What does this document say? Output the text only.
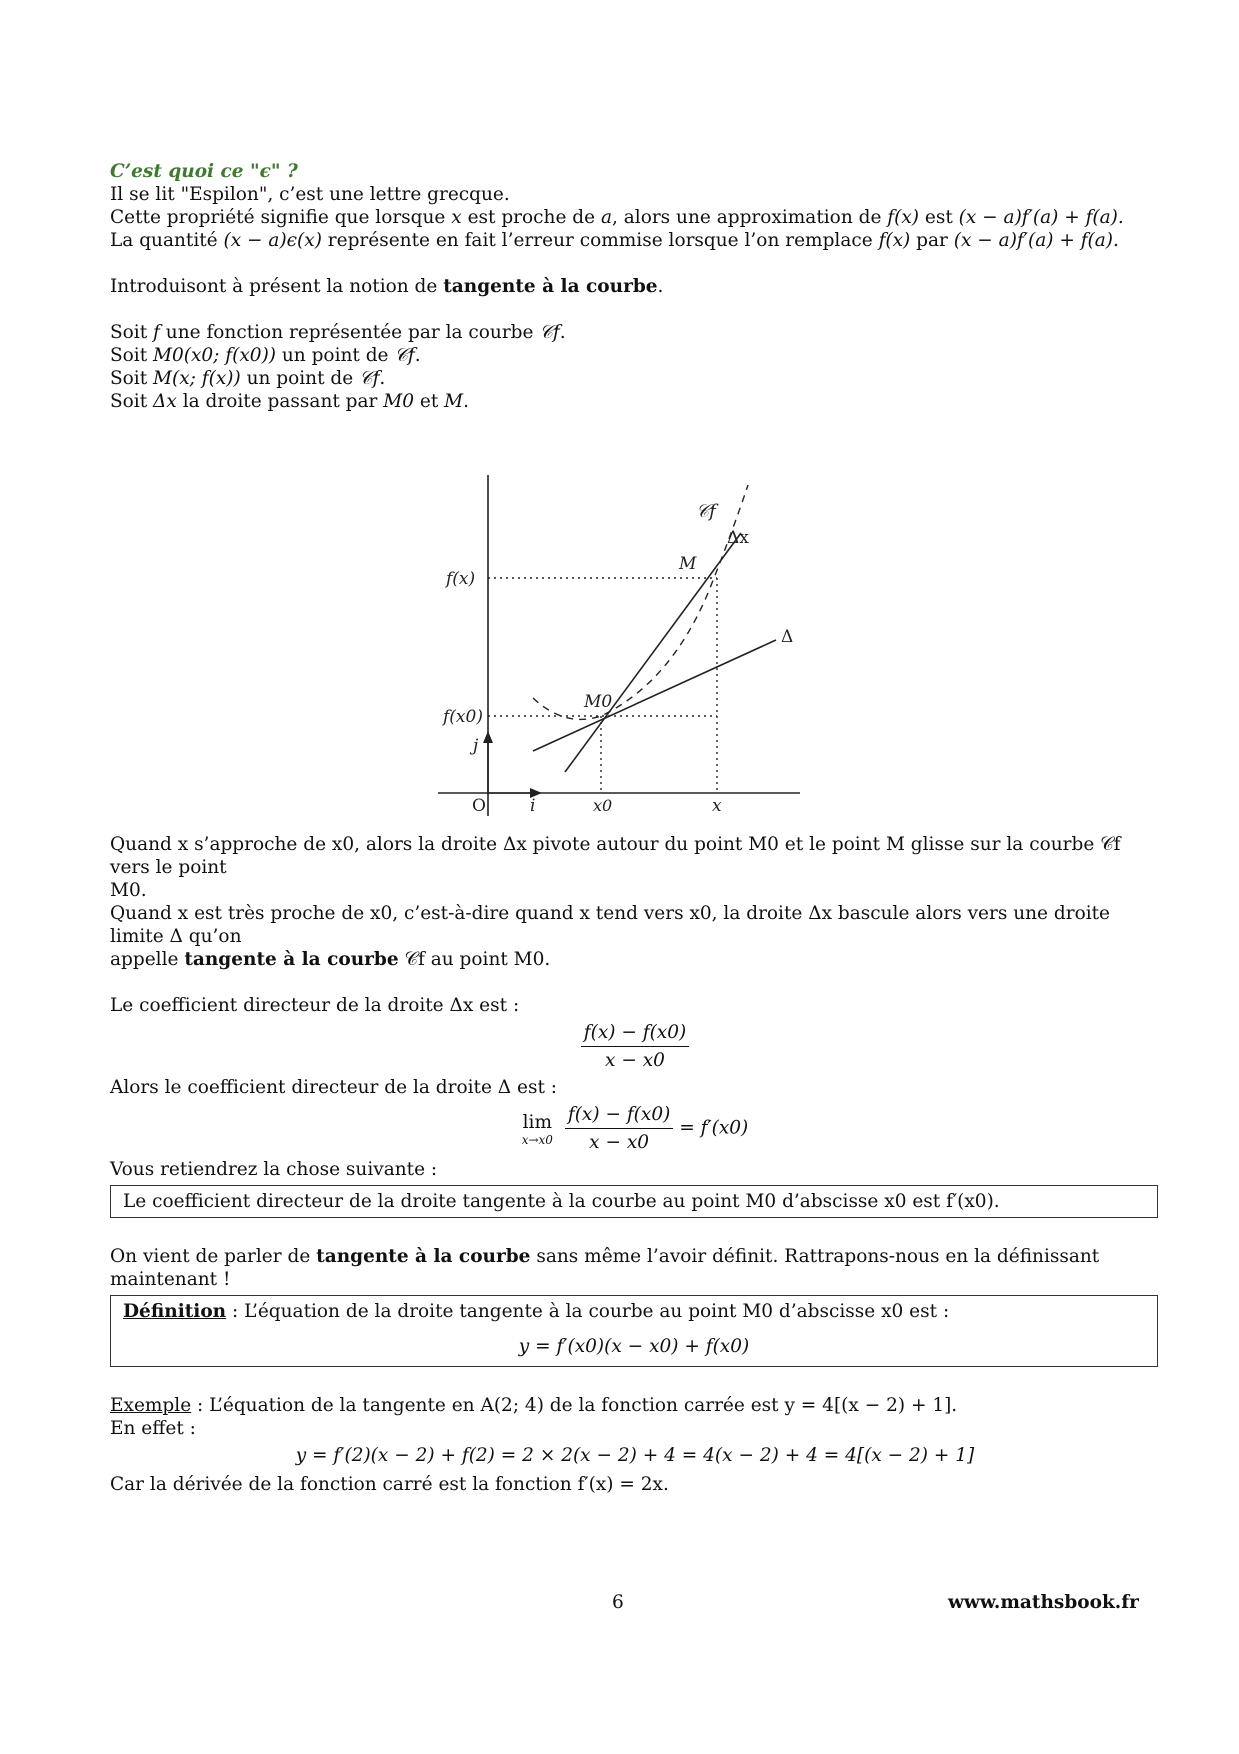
C’est quoi ce "ϵ" ?
Il se lit "Espilon", c’est une lettre grecque.
Cette propriété signifie que lorsque x est proche de a, alors une approximation de f(x) est (x − a)f′(a) + f(a).
La quantité (x − a)ϵ(x) représente en fait l’erreur commise lorsque l’on remplace f(x) par (x − a)f′(a) + f(a).
Introduisont à présent la notion de tangente à la courbe.
Soit f une fonction représentée par la courbe 𝒞f.
Soit M0(x0; f(x0)) un point de 𝒞f.
Soit M(x; f(x)) un point de 𝒞f.
Soit Δx la droite passant par M0 et M.
𝒞f
Δx
M
Δ
M0
f(x)
f(x0)
j
O	i	x0	x
Quand x s’approche de x0, alors la droite Δx pivote autour du point M0 et le point M glisse sur la courbe 𝒞f vers le point
M0.
Quand x est très proche de x0, c’est-à-dire quand x tend vers x0, la droite Δx bascule alors vers une droite limite Δ qu’on
appelle tangente à la courbe 𝒞f au point M0.
Le coefficient directeur de la droite Δx est :
$\frac{f(x) - f(x0)}{x - x0}$
Alors le coefficient directeur de la droite Δ est :
lim
x→x0
$\frac{f(x) - f(x0)}{x - x0} = f'(x0)$
Vous retiendrez la chose suivante :
Le coefficient directeur de la droite tangente à la courbe au point M0 d’abscisse x0 est f′(x0).
On vient de parler de tangente à la courbe sans même l’avoir définit. Rattrapons-nous en la définissant maintenant !
Définition : L’équation de la droite tangente à la courbe au point M0 d’abscisse x0 est :
y = f′(x0)(x − x0) + f(x0)
Exemple : L’équation de la tangente en A(2; 4) de la fonction carrée est y = 4[(x − 2) + 1].
En effet :
y = f′(2)(x − 2) + f(2) = 2 × 2(x − 2) + 4 = 4(x − 2) + 4 = 4[(x − 2) + 1]
Car la dérivée de la fonction carré est la fonction f′(x) = 2x.
6	www.mathsbook.fr
